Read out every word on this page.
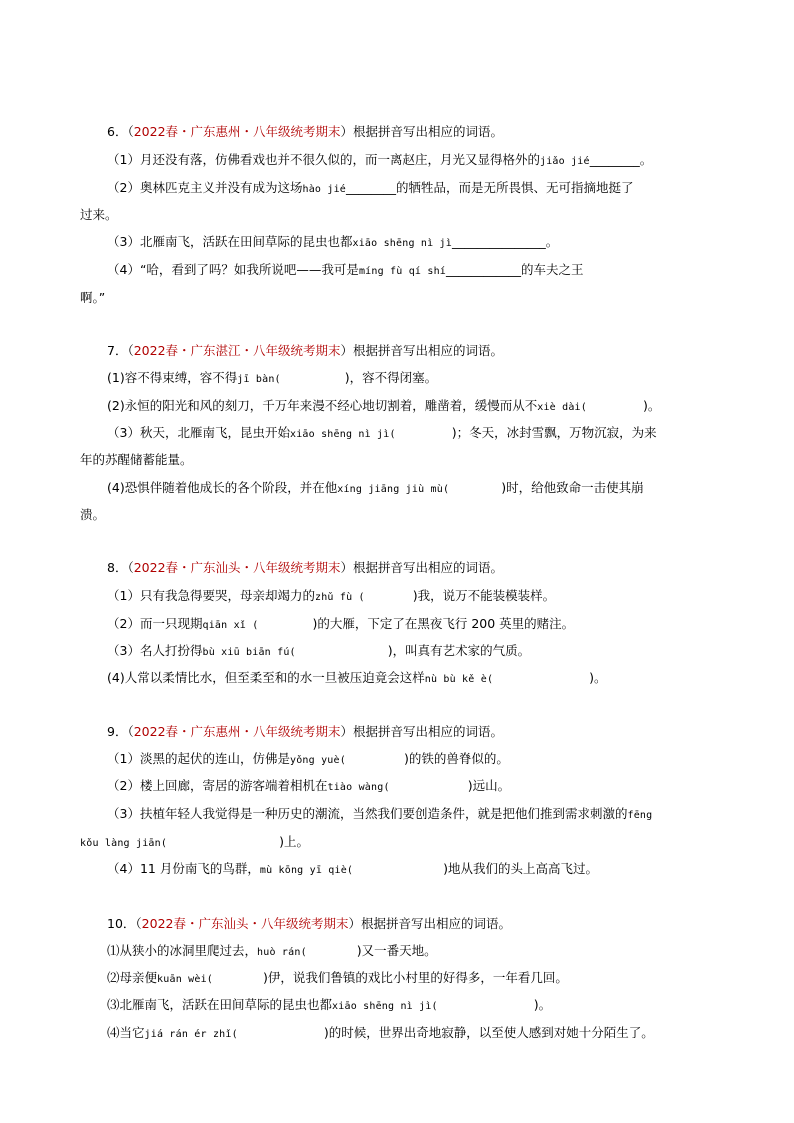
6．（2022春・广东惠州・八年级统考期末）根据拼音写出相应的词语。
（1）月还没有落，仿佛看戏也并不很久似的，而一离赵庄，月光又显得格外的jiǎo jié________。
（2）奥林匹克主义并没有成为这场hào jié________的牺牲品，而是无所畏惧、无可指摘地挺了
过来。
（3）北雁南飞，活跃在田间草际的昆虫也都xiāo shēng nì jì_______________。
（4）“哈，看到了吗？如我所说吧——我可是míng fù qí shí____________的车夫之王
啊。”
7．（2022春・广东湛江・八年级统考期末）根据拼音写出相应的词语。
(1)容不得束缚，容不得jī bàn(	)，容不得闭塞。
(2)永恒的阳光和风的刻刀，千万年来漫不经心地切割着，雕凿着，缓慢而从不xiè dài(	)。
（3）秋天，北雁南飞，昆虫开始xiāo shēng nì jì(	)；冬天，冰封雪飘，万物沉寂，为来
年的苏醒储蓄能量。
(4)恐惧伴随着他成长的各个阶段，并在他xíng jiāng jiù mù(	)时，给他致命一击使其崩
溃。
8．（2022春・广东汕头・八年级统考期末）根据拼音写出相应的词语。
（1）只有我急得要哭，母亲却竭力的zhǔ fù (	)我，说万不能装模装样。
（2）而一只现期qiān xǐ (	)的大雁，下定了在黑夜飞行 200 英里的赌注。
（3）名人打扮得bù xiū biān fú(	)，叫真有艺术家的气质。
(4)人常以柔情比水，但至柔至和的水一旦被压迫竟会这样nù bù kě è(	)。
9．（2022春・广东惠州・八年级统考期末）根据拼音写出相应的词语。
（1）淡黑的起伏的连山，仿佛是yǒng yuè(	)的铁的兽脊似的。
（2）楼上回廊，寄居的游客端着相机在tiào wàng(	)远山。
（3）扶植年轻人我觉得是一种历史的潮流，当然我们要创造条件，就是把他们推到需求刺激的fēng
kǒu làng jiān(	)上。
（4）11 月份南飞的鸟群，mù kōng yī qiè(	)地从我们的头上高高飞过。
10．（2022春・广东汕头・八年级统考期末）根据拼音写出相应的词语。
⑴从狭小的冰洞里爬过去，huò rán(	)又一番天地。
⑵母亲便kuān wèi(	)伊，说我们鲁镇的戏比小村里的好得多，一年看几回。
⑶北雁南飞，活跃在田间草际的昆虫也都xiāo shēng nì jì(	)。
⑷当它jiá rán ér zhǐ(	)的时候，世界出奇地寂静，以至使人感到对她十分陌生了。
